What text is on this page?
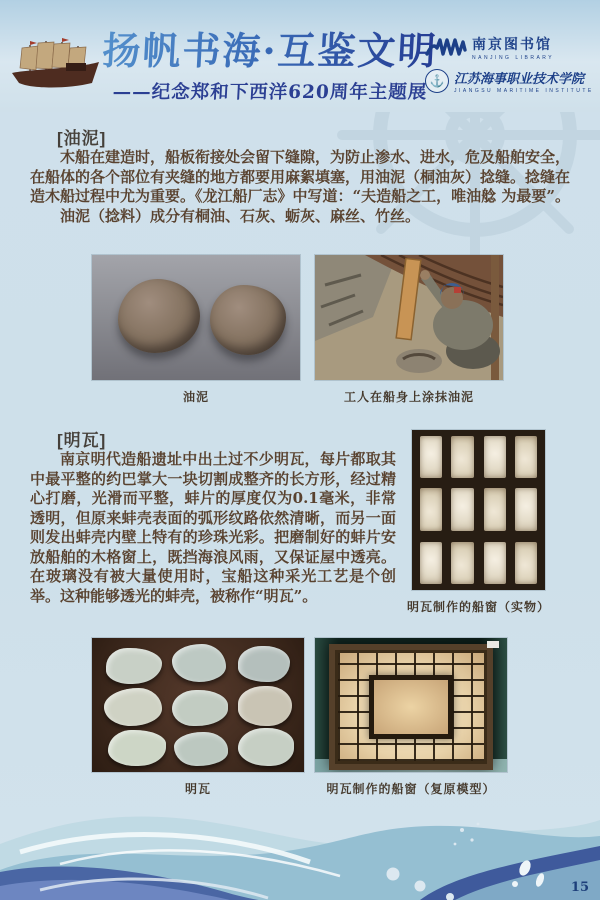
扬帆书海·互鉴文明
——纪念郑和下西洋620周年主题展
南京图书馆
NANJING LIBRARY
⚓ 江苏海事职业技术学院
JIANGSU MARITIME INSTITUTE
[油泥]

木船在建造时，船板衔接处会留下缝隙，为防止渗水、进水，危及船舶安全，在船体的各个部位有夹缝的地方都要用麻絮填塞，用油泥（桐油灰）捻缝。捻缝在造木船过程中尤为重要。《龙江船厂志》中写道：“夫造船之工，唯油艌 为最要”。

油泥（捻料）成分有桐油、石灰、蛎灰、麻丝、竹丝。

油泥	工人在船身上涂抹油泥
[明瓦]

南京明代造船遗址中出土过不少明瓦，每片都取其中最平整的约巴掌大一块切割成整齐的长方形，经过精心打磨，光滑而平整，蚌片的厚度仅为0.1毫米，非常透明，但原来蚌壳表面的弧形纹路依然清晰，而另一面则发出蚌壳内壁上特有的珍珠光彩。把磨制好的蚌片安放船舶的木格窗上，既挡海浪风雨，又保证屋中透亮。在玻璃没有被大量使用时，宝船这种采光工艺是个创举。这种能够透光的蚌壳，被称作“明瓦”。

明瓦制作的船窗（实物）
明瓦	明瓦制作的船窗（复原模型）
15
